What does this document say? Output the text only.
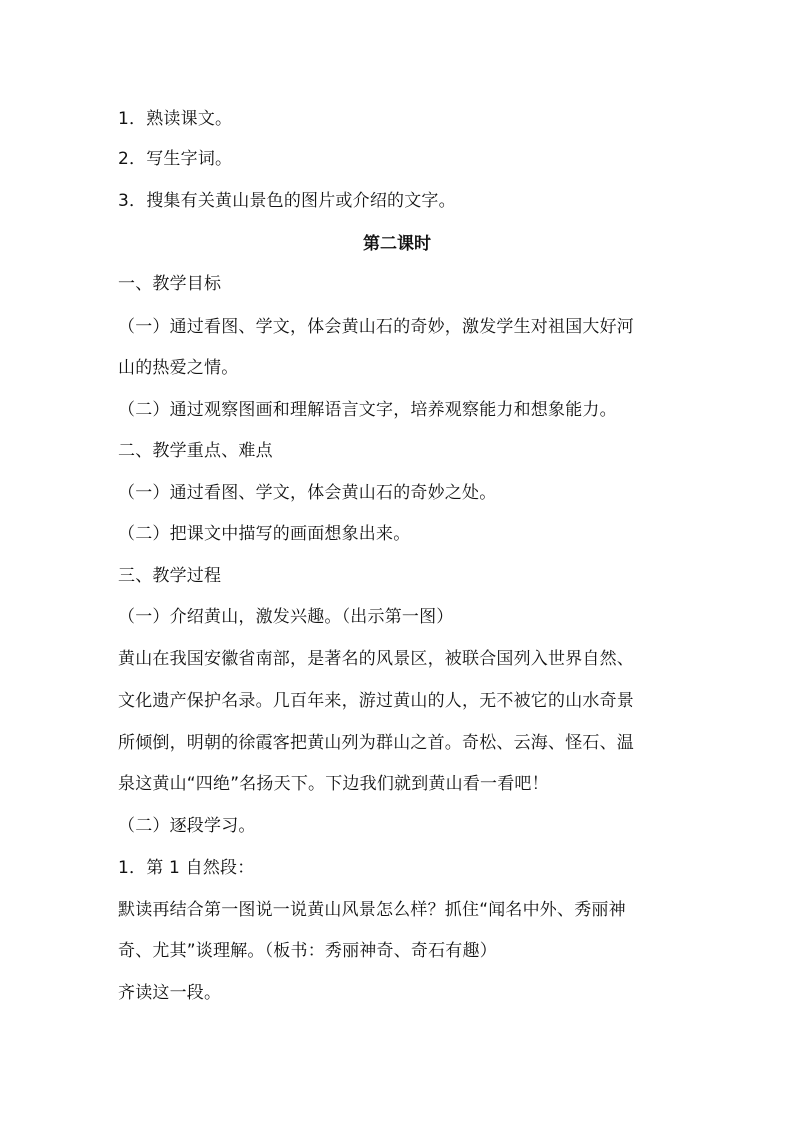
1．熟读课文。
2．写生字词。
3．搜集有关黄山景色的图片或介绍的文字。
第二课时
一、教学目标
（一）通过看图、学文，体会黄山石的奇妙，激发学生对祖国大好河
山的热爱之情。
（二）通过观察图画和理解语言文字，培养观察能力和想象能力。
二、教学重点、难点
（一）通过看图、学文，体会黄山石的奇妙之处。
（二）把课文中描写的画面想象出来。
三、教学过程
（一）介绍黄山，激发兴趣。（出示第一图）
黄山在我国安徽省南部，是著名的风景区，被联合国列入世界自然、
文化遗产保护名录。几百年来，游过黄山的人，无不被它的山水奇景
所倾倒，明朝的徐霞客把黄山列为群山之首。奇松、云海、怪石、温
泉这黄山“四绝”名扬天下。下边我们就到黄山看一看吧！
（二）逐段学习。
1．第 1 自然段：
默读再结合第一图说一说黄山风景怎么样？抓住“闻名中外、秀丽神
奇、尤其”谈理解。（板书：秀丽神奇、奇石有趣）
齐读这一段。
